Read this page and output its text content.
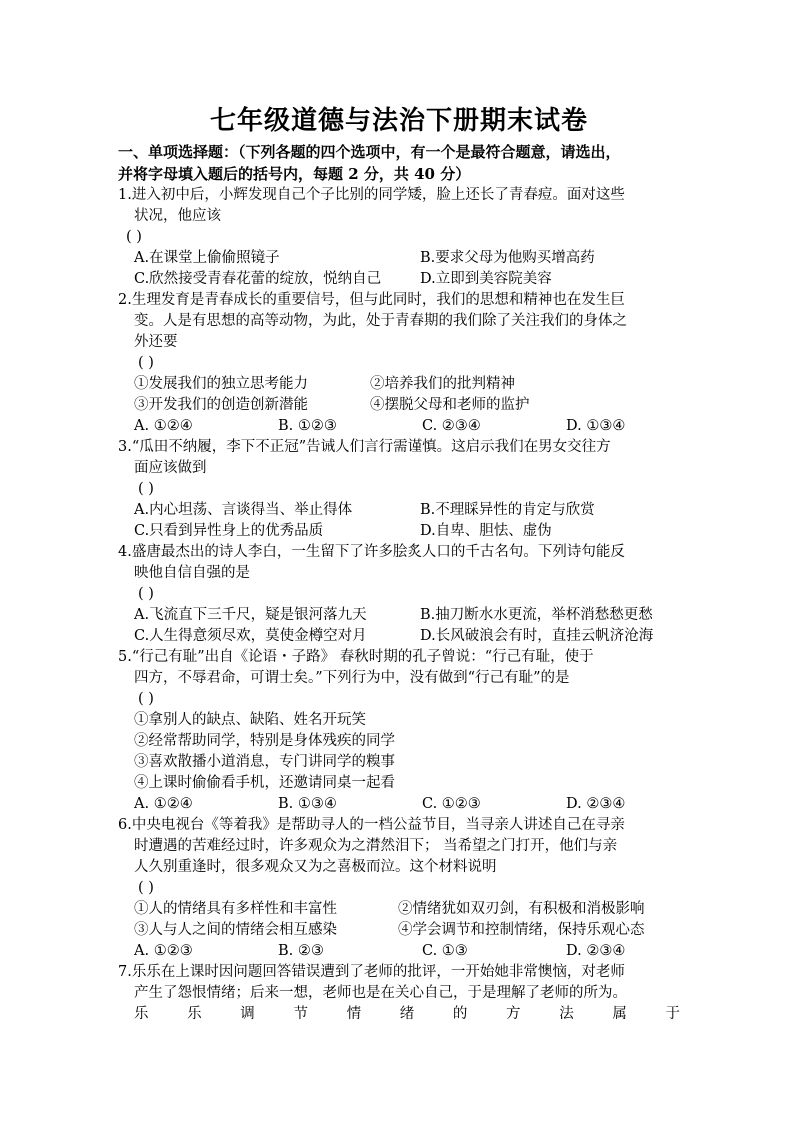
七年级道德与法治下册期末试卷

一、单项选择题：（下列各题的四个选项中，有一个是最符合题意，请选出，

并将字母填入题后的括号内，每题 2 分，共 40 分）

1.进入初中后，小辉发现自己个子比别的同学矮，脸上还长了青春痘。面对这些

状况，他应该

( )

A.在课堂上偷偷照镜子	B.要求父母为他购买增高药
C.欣然接受青春花蕾的绽放，悦纳自己	D.立即到美容院美容

2.生理发育是青春成长的重要信号，但与此同时，我们的思想和精神也在发生巨

变。人是有思想的高等动物，为此，处于青春期的我们除了关注我们的身体之

外还要

( )

①发展我们的独立思考能力	②培养我们的批判精神
③开发我们的创造创新潜能	④摆脱父母和老师的监护
A. ①②④	B. ①②③	C. ②③④	D. ①③④

3.“瓜田不纳履，李下不正冠”告诫人们言行需谨慎。这启示我们在男女交往方

面应该做到

( )

A.内心坦荡、言谈得当、举止得体	B.不理睬异性的肯定与欣赏
C.只看到异性身上的优秀品质	D.自卑、胆怯、虚伪

4.盛唐最杰出的诗人李白，一生留下了许多脍炙人口的千古名句。下列诗句能反

映他自信自强的是

( )

A.飞流直下三千尺，疑是银河落九天	B.抽刀断水水更流，举杯消愁愁更愁
C.人生得意须尽欢，莫使金樽空对月	D.长风破浪会有时，直挂云帆济沧海

5.“行己有耻”出自《论语・子路》 春秋时期的孔子曾说：“行己有耻，使于

四方，不辱君命，可谓士矣。”下列行为中，没有做到“行己有耻”的是

( )

①拿别人的缺点、缺陷、姓名开玩笑

②经常帮助同学，特别是身体残疾的同学

③喜欢散播小道消息，专门讲同学的糗事

④上课时偷偷看手机，还邀请同桌一起看

A. ①②④	B. ①③④	C. ①②③	D. ②③④

6.中央电视台《等着我》是帮助寻人的一档公益节目，当寻亲人讲述自己在寻亲

时遭遇的苦难经过时，许多观众为之潸然泪下； 当希望之门打开，他们与亲

人久别重逢时，很多观众又为之喜极而泣。这个材料说明

( )

①人的情绪具有多样性和丰富性	②情绪犹如双刃剑，有积极和消极影响
③人与人之间的情绪会相互感染	④学会调节和控制情绪，保持乐观心态
A. ①②③	B. ②③	C. ①③	D. ②③④

7.乐乐在上课时因问题回答错误遭到了老师的批评，一开始她非常懊恼，对老师

产生了怨恨情绪；后来一想，老师也是在关心自己，于是理解了老师的所为。

乐乐调节情绪的方法属于
